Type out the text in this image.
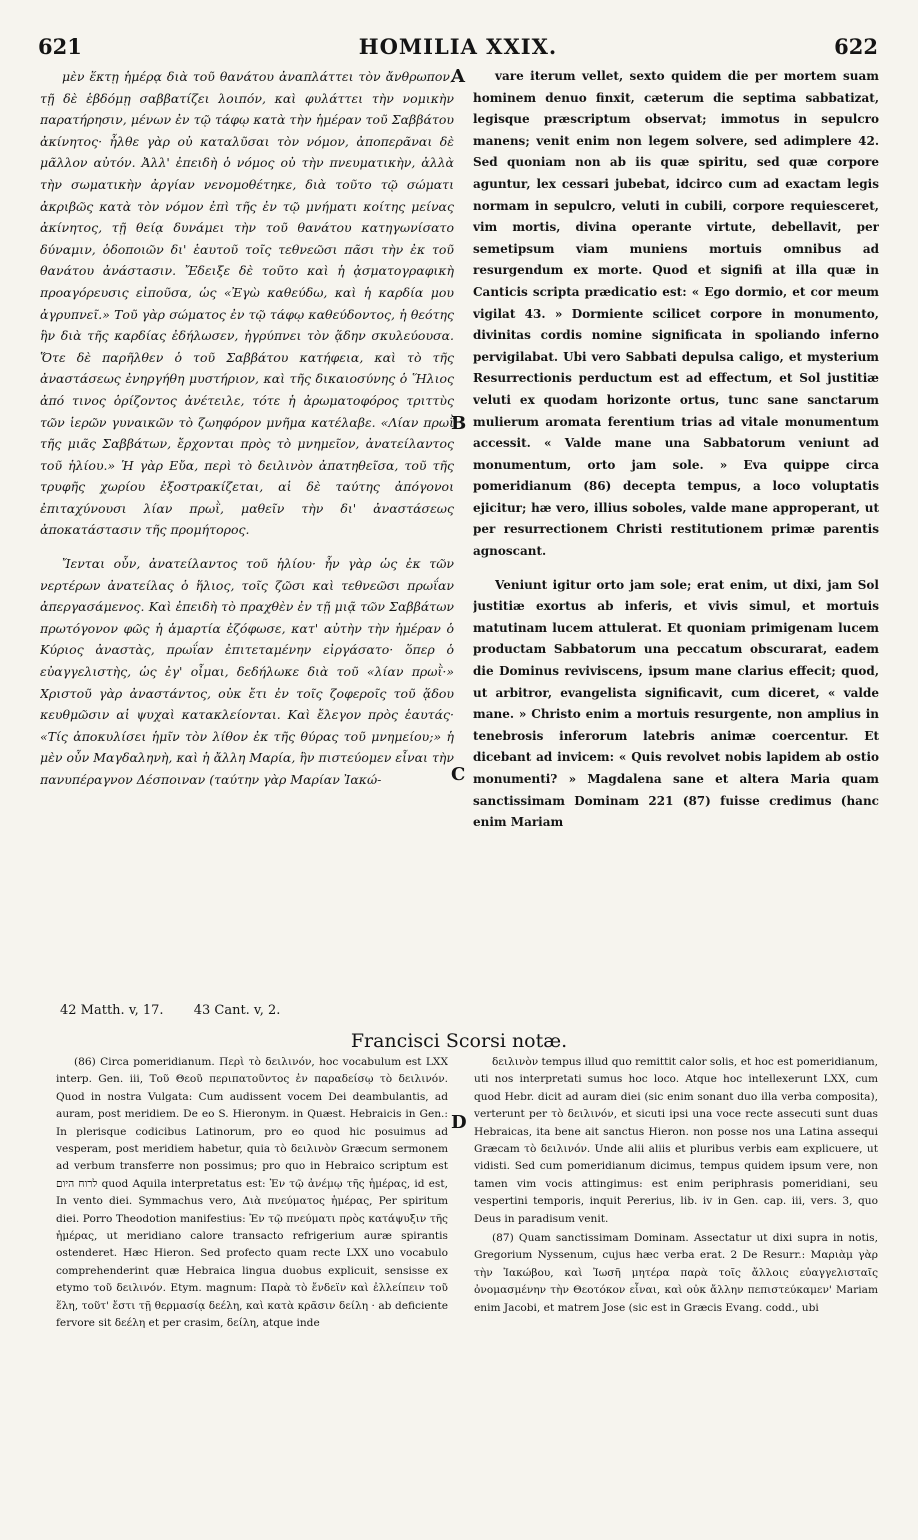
621	HOMILIA XXIX.	622

μὲν ἕκτῃ ἡμέρᾳ διὰ τοῦ θανάτου ἀναπλάττει τὸν ἄνθρωπον, τῇ δὲ ἑβδόμῃ σαββατίζει λοιπόν, καὶ φυλάττει τὴν νομικὴν παρατήρησιν, μένων ἐν τῷ τάφῳ κατὰ τὴν ἡμέραν τοῦ Σαββάτου ἀκίνητος· ἦλθε γὰρ οὐ καταλῦσαι τὸν νόμον, ἀποπερᾶναι δὲ μᾶλλον αὐτόν. Ἀλλ' ἐπειδὴ ὁ νόμος οὐ τὴν πνευματικὴν, ἀλλὰ τὴν σωματικὴν ἀργίαν νενομοθέτηκε, διὰ τοῦτο τῷ σώματι ἀκριβῶς κατὰ τὸν νόμον ἐπὶ τῆς ἐν τῷ μνήματι κοίτης μείνας ἀκίνητος, τῇ θείᾳ δυνάμει τὴν τοῦ θανάτου κατηγωνίσατο δύναμιν, ὁδοποιῶν δι' ἑαυτοῦ τοῖς τεθνεῶσι πᾶσι τὴν ἐκ τοῦ θανάτου ἀνάστασιν. Ἔδειξε δὲ τοῦτο καὶ ἡ ᾀσματογραφικὴ προαγόρευσις εἰποῦσα, ὡς «Ἐγὼ καθεύδω, καὶ ἡ καρδία μου ἀγρυπνεῖ.» Τοῦ γὰρ σώματος ἐν τῷ τάφῳ καθεύδοντος, ἡ θεότης ἣν διὰ τῆς καρδίας ἐδήλωσεν, ἠγρύπνει τὸν ᾅδην σκυλεύουσα. Ὅτε δὲ παρῆλθεν ὁ τοῦ Σαββάτου κατήφεια, καὶ τὸ τῆς ἀναστάσεως ἐνηργήθη μυστήριον, καὶ τῆς δικαιοσύνης ὁ Ἥλιος ἀπό τινος ὁρίζοντος ἀνέτειλε, τότε ἡ ἀρωματοφόρος τριττὺς τῶν ἱερῶν γυναικῶν τὸ ζωηφόρον μνῆμα κατέλαβε. «Λίαν πρωῒ τῆς μιᾶς Σαββάτων, ἔρχονται πρὸς τὸ μνημεῖον, ἀνατείλαντος τοῦ ἡλίου.» Ἡ γὰρ Εὔα, περὶ τὸ δειλινὸν ἀπατηθεῖσα, τοῦ τῆς τρυφῆς χωρίου ἐξοστρακίζεται, αἱ δὲ ταύτης ἀπόγονοι ἐπιταχύνουσι λίαν πρωῒ, μαθεῖν τὴν δι' ἀναστάσεως ἀποκατάστασιν τῆς προμήτορος.

Ἴενται οὖν, ἀνατείλαντος τοῦ ἡλίου· ἦν γὰρ ὡς ἐκ τῶν νερτέρων ἀνατείλας ὁ ἥλιος, τοῖς ζῶσι καὶ τεθνεῶσι πρωΐαν ἀπεργασάμενος. Καὶ ἐπειδὴ τὸ πραχθὲν ἐν τῇ μιᾷ τῶν Σαββάτων πρωτόγονον φῶς ἡ ἁμαρτία ἐζόφωσε, κατ' αὐτὴν τὴν ἡμέραν ὁ Κύριος ἀναστὰς, πρωΐαν ἐπιτεταμένην εἰργάσατο· ὅπερ ὁ εὐαγγελιστὴς, ὡς ἐγ' οἶμαι, δεδήλωκε διὰ τοῦ «λίαν πρωῒ·» Χριστοῦ γὰρ ἀναστάντος, οὐκ ἔτι ἐν τοῖς ζοφεροῖς τοῦ ᾅδου κευθμῶσιν αἱ ψυχαὶ κατακλείονται. Καὶ ἔλεγον πρὸς ἑαυτάς· «Τίς ἀποκυλίσει ἡμῖν τὸν λίθον ἐκ τῆς θύρας τοῦ μνημείου;» ἡ μὲν οὖν Μαγδαληνὴ, καὶ ἡ ἄλλη Μαρία, ἣν πιστεύομεν εἶναι τὴν πανυπέραγνον Δέσποιναν (ταύτην γὰρ Μαρίαν Ἰακώ-

A
B
C
D

vare iterum vellet, sexto quidem die per mortem suam hominem denuo finxit, cæterum die septima sabbatizat, legisque præscriptum observat; immotus in sepulcro manens; venit enim non legem solvere, sed adimplere 42. Sed quoniam non ab iis quæ spiritu, sed quæ corpore aguntur, lex cessari jubebat, idcirco cum ad exactam legis normam in sepulcro, veluti in cubili, corpore requiesceret, vim mortis, divina operante virtute, debellavit, per semetipsum viam muniens mortuis omnibus ad resurgendum ex morte. Quod et signifi at illa quæ in Canticis scripta prædicatio est: « Ego dormio, et cor meum vigilat 43. » Dormiente scilicet corpore in monumento, divinitas cordis nomine significata in spoliando inferno pervigilabat. Ubi vero Sabbati depulsa caligo, et mysterium Resurrectionis perductum est ad effectum, et Sol justitiæ veluti ex quodam horizonte ortus, tunc sane sanctarum mulierum aromata ferentium trias ad vitale monumentum accessit. « Valde mane una Sabbatorum veniunt ad monumentum, orto jam sole. » Eva quippe circa pomeridianum (86) decepta tempus, a loco voluptatis ejicitur; hæ vero, illius soboles, valde mane approperant, ut per resurrectionem Christi restitutionem primæ parentis agnoscant.

Veniunt igitur orto jam sole; erat enim, ut dixi, jam Sol justitiæ exortus ab inferis, et vivis simul, et mortuis matutinam lucem attulerat. Et quoniam primigenam lucem productam Sabbatorum una peccatum obscurarat, eadem die Dominus reviviscens, ipsum mane clarius effecit; quod, ut arbitror, evangelista significavit, cum diceret, « valde mane. » Christo enim a mortuis resurgente, non amplius in tenebrosis inferorum latebris animæ coercentur. Et dicebant ad invicem: « Quis revolvet nobis lapidem ab ostio monumenti? » Magdalena sane et altera Maria quam sanctissimam Dominam 221 (87) fuisse credimus (hanc enim Mariam

42 Matth. v, 17. 43 Cant. v, 2.
Francisci Scorsi notæ.

(86) Circa pomeridianum. Περὶ τὸ δειλινόν, hoc vocabulum est LXX interp. Gen. iii, Τοῦ Θεοῦ περιπατοῦντος ἐν παραδείσῳ τὸ δειλινόν. Quod in nostra Vulgata: Cum audissent vocem Dei deambulantis, ad auram, post meridiem. De eo S. Hieronym. in Quæst. Hebraicis in Gen.: In plerisque codicibus Latinorum, pro eo quod hic posuimus ad vesperam, post meridiem habetur, quia τὸ δειλινὸν Græcum sermonem ad verbum transferre non possimus; pro quo in Hebraico scriptum est לרוח היום quod Aquila interpretatus est: Ἐν τῷ ἀνέμῳ τῆς ἡμέρας, id est, In vento diei. Symmachus vero, Διὰ πνεύματος ἡμέρας, Per spiritum diei. Porro Theodotion manifestius: Ἐν τῷ πνεύματι πρὸς κατάψυξιν τῆς ἡμέρας, ut meridiano calore transacto refrigerium auræ spirantis ostenderet. Hæc Hieron. Sed profecto quam recte LXX uno vocabulo comprehenderint quæ Hebraica lingua duobus explicuit, sensisse ex etymo τοῦ δειλινόν. Etym. magnum: Παρὰ τὸ ἔνδεϊν καὶ ἐλλείπειν τοῦ ἕλη, τοῦτ' ἔστι τῇ θερμασίᾳ δεέλη, καὶ κατὰ κρᾶσιν δείλη · ab deficiente fervore sit δεέλη et per crasim, δείλη, atque inde

δειλινὸν tempus illud quo remittit calor solis, et hoc est pomeridianum, uti nos interpretati sumus hoc loco. Atque hoc intellexerunt LXX, cum quod Hebr. dicit ad auram diei (sic enim sonant duo illa verba composita), verterunt per τὸ δειλινόν, et sicuti ipsi una voce recte assecuti sunt duas Hebraicas, ita bene ait sanctus Hieron. non posse nos una Latina assequi Græcam τὸ δειλινόν. Unde alii aliis et pluribus verbis eam explicuere, ut vidisti. Sed cum pomeridianum dicimus, tempus quidem ipsum vere, non tamen vim vocis attingimus: est enim periphrasis pomeridiani, seu vespertini temporis, inquit Pererius, lib. iv in Gen. cap. iii, vers. 3, quo Deus in paradisum venit.

(87) Quam sanctissimam Dominam. Assectatur ut dixi supra in notis, Gregorium Nyssenum, cujus hæc verba erat. 2 De Resurr.: Μαριὰμ γὰρ τὴν Ἰακώβου, καὶ Ἰωσῆ μητέρα παρὰ τοῖς ἄλλοις εὐαγγελισταῖς ὀνομασμένην τὴν Θεοτόκον εἶναι, καὶ οὐκ ἄλλην πεπιστεύκαμεν' Mariam enim Jacobi, et matrem Jose (sic est in Græcis Evang. codd., ubi
